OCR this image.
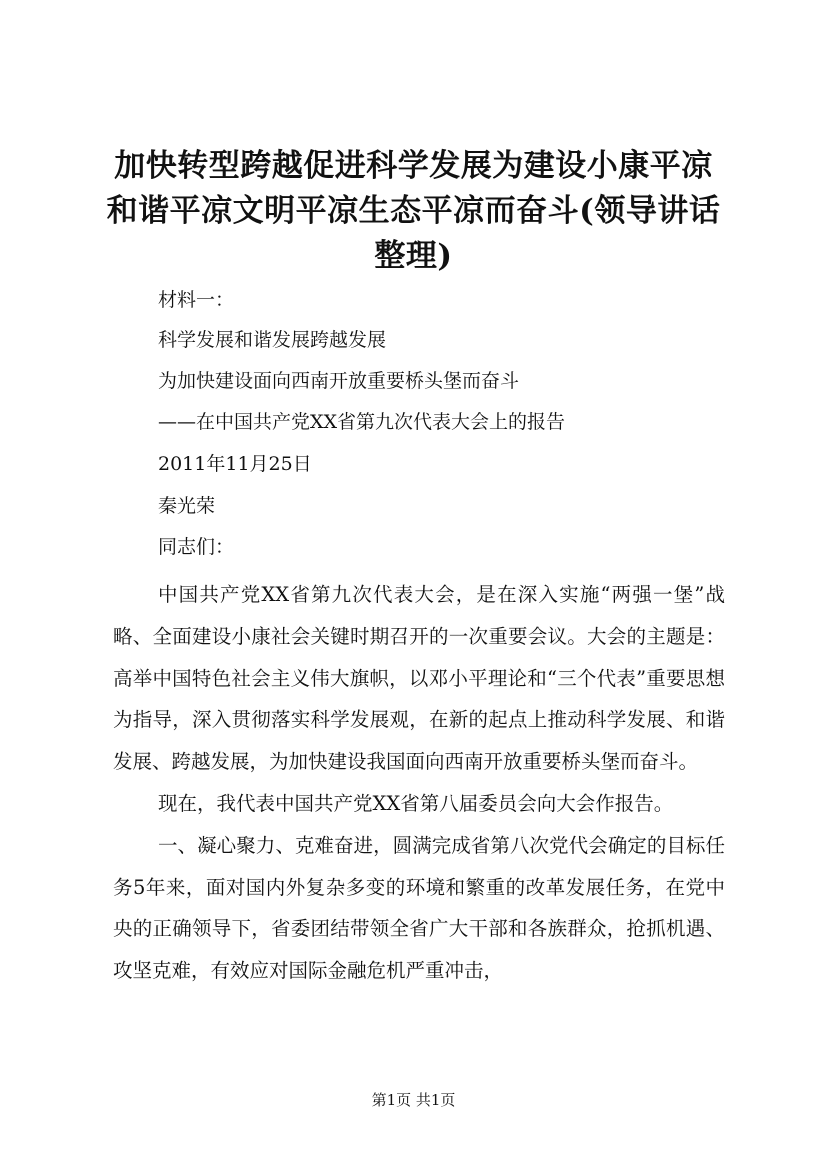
加快转型跨越促进科学发展为建设小康平凉和谐平凉文明平凉生态平凉而奋斗(领导讲话整理)

材料一：

科学发展和谐发展跨越发展

为加快建设面向西南开放重要桥头堡而奋斗

——在中国共产党XX省第九次代表大会上的报告

2011年11月25日

秦光荣

同志们：

中国共产党XX省第九次代表大会，是在深入实施“两强一堡”战略、全面建设小康社会关键时期召开的一次重要会议。大会的主题是：高举中国特色社会主义伟大旗帜，以邓小平理论和“三个代表”重要思想为指导，深入贯彻落实科学发展观，在新的起点上推动科学发展、和谐发展、跨越发展，为加快建设我国面向西南开放重要桥头堡而奋斗。

现在，我代表中国共产党XX省第八届委员会向大会作报告。

一、凝心聚力、克难奋进，圆满完成省第八次党代会确定的目标任务5年来，面对国内外复杂多变的环境和繁重的改革发展任务，在党中央的正确领导下，省委团结带领全省广大干部和各族群众，抢抓机遇、攻坚克难，有效应对国际金融危机严重冲击，

第1页 共1页
